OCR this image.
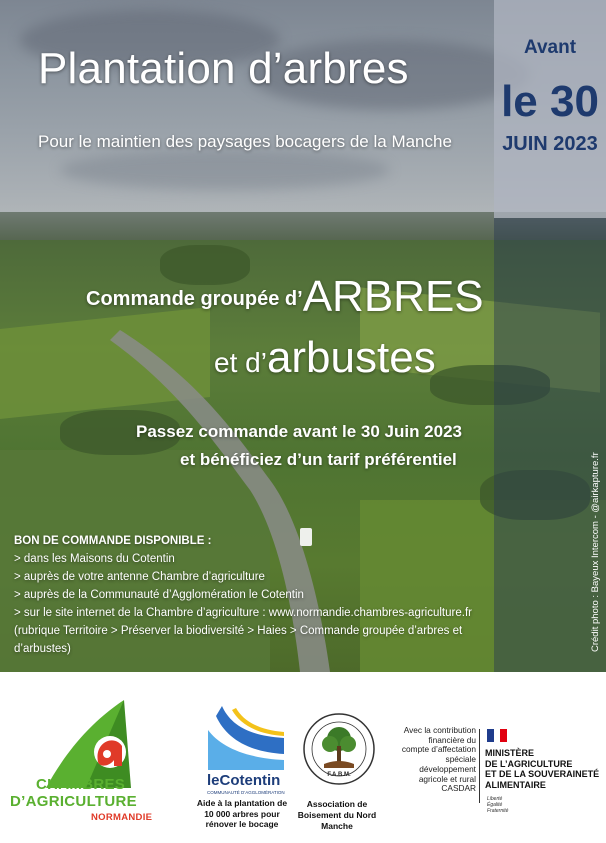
Plantation d’arbres
Pour le maintien des paysages bocagers de la Manche
Avant
le 30
JUIN 2023
Commande groupée d’ARBRES
et d’arbustes
Passez commande avant le 30 Juin 2023
et bénéficiez d’un tarif préférentiel
BON DE COMMANDE DISPONIBLE :
> dans les Maisons du Cotentin
> auprès de votre antenne Chambre d’agriculture
> auprès de la Communauté d’Agglomération le Cotentin
> sur le site internet de la Chambre d’agriculture : www.normandie.chambres-agriculture.fr
(rubrique Territoire > Préserver la biodiversité > Haies > Commande groupée d’arbres et
d’arbustes)	Crédit photo : Bayeux Intercom - @airkapture.fr
CHAMBRES
D’AGRICULTURE
NORMANDIE
leCotentin
COMMUNAUTÉ D’AGGLOMÉRATION
Aide à la plantation de 10 000 arbres pour rénover le bocage
F.A.B.M.
Association de Boisement du Nord Manche
Avec la contribution financière du compte d’affectation spéciale développement agricole et rural CASDAR
MINISTÈRE
DE L’AGRICULTURE
ET DE LA SOUVERAINETÉ
ALIMENTAIRE
Liberté
Égalité
Fraternité
